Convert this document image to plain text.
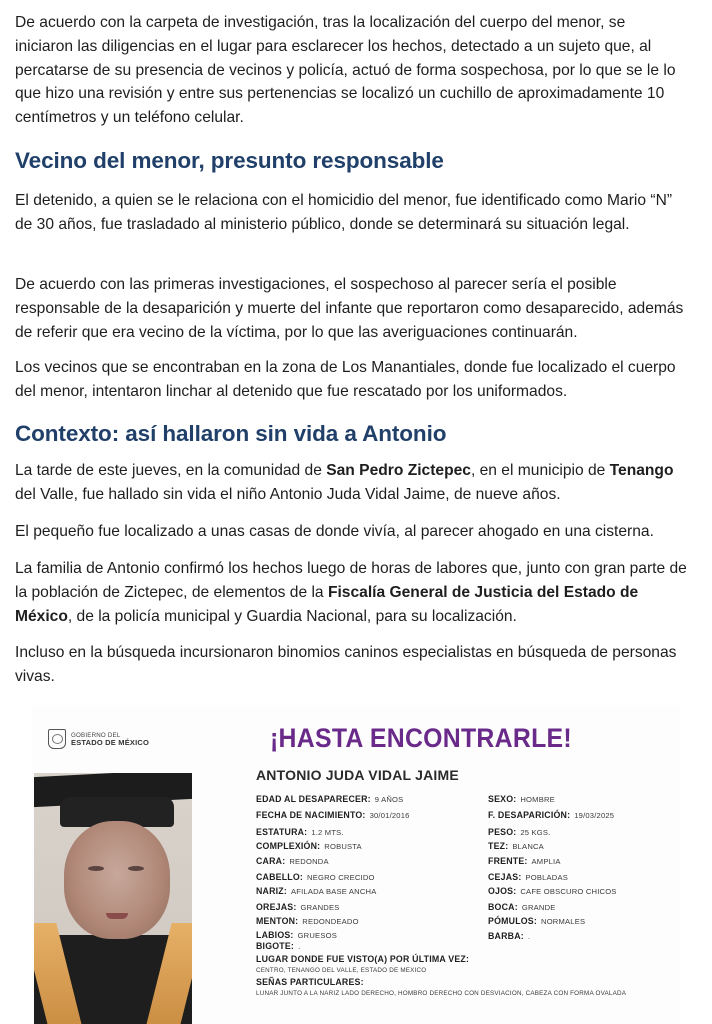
De acuerdo con la carpeta de investigación, tras la localización del cuerpo del menor, se iniciaron las diligencias en el lugar para esclarecer los hechos, detectado a un sujeto que, al percatarse de su presencia de vecinos y policía, actuó de forma sospechosa, por lo que se le lo que hizo una revisión y entre sus pertenencias se localizó un cuchillo de aproximadamente 10 centímetros y un teléfono celular.

Vecino del menor, presunto responsable

El detenido, a quien se le relaciona con el homicidio del menor, fue identificado como Mario “N” de 30 años, fue trasladado al ministerio público, donde se determinará su situación legal.

De acuerdo con las primeras investigaciones, el sospechoso al parecer sería el posible responsable de la desaparición y muerte del infante que reportaron como desaparecido, además de referir que era vecino de la víctima, por lo que las averiguaciones continuarán.

Los vecinos que se encontraban en la zona de Los Manantiales, donde fue localizado el cuerpo del menor, intentaron linchar al detenido que fue rescatado por los uniformados.

Contexto: así hallaron sin vida a Antonio

La tarde de este jueves, en la comunidad de San Pedro Zictepec, en el municipio de Tenango del Valle, fue hallado sin vida el niño Antonio Juda Vidal Jaime, de nueve años.

El pequeño fue localizado a unas casas de donde vivía, al parecer ahogado en una cisterna.

La familia de Antonio confirmó los hechos luego de horas de labores que, junto con gran parte de la población de Zictepec, de elementos de la Fiscalía General de Justicia del Estado de México, de la policía municipal y Guardia Nacional, para su localización.

Incluso en la búsqueda incursionaron binomios caninos especialistas en búsqueda de personas vivas.

GOBIERNO DEL
ESTADO DE MÉXICO	¡HASTA ENCONTRARLE!
ANTONIO JUDA VIDAL JAIME
EDAD AL DESAPARECER: 9 AÑOS
FECHA DE NACIMIENTO: 30/01/2016
ESTATURA: 1.2 MTS.
COMPLEXIÓN: ROBUSTA
CARA: REDONDA
CABELLO: NEGRO CRECIDO
NARIZ: AFILADA BASE ANCHA
OREJAS: GRANDES
MENTON: REDONDEADO
LABIOS: GRUESOS
BIGOTE: .
SEXO: HOMBRE
F. DESAPARICIÓN: 19/03/2025
PESO: 25 KGS.
TEZ: BLANCA
FRENTE: AMPLIA
CEJAS: POBLADAS
OJOS: CAFE OBSCURO CHICOS
BOCA: GRANDE
PÓMULOS: NORMALES
BARBA: .
LUGAR DONDE FUE VISTO(A) POR ÚLTIMA VEZ:
CENTRO, TENANGO DEL VALLE, ESTADO DE MEXICO
SEÑAS PARTICULARES:
LUNAR JUNTO A LA NARIZ LADO DERECHO, HOMBRO DERECHO CON DESVIACION, CABEZA CON FORMA OVALADA
